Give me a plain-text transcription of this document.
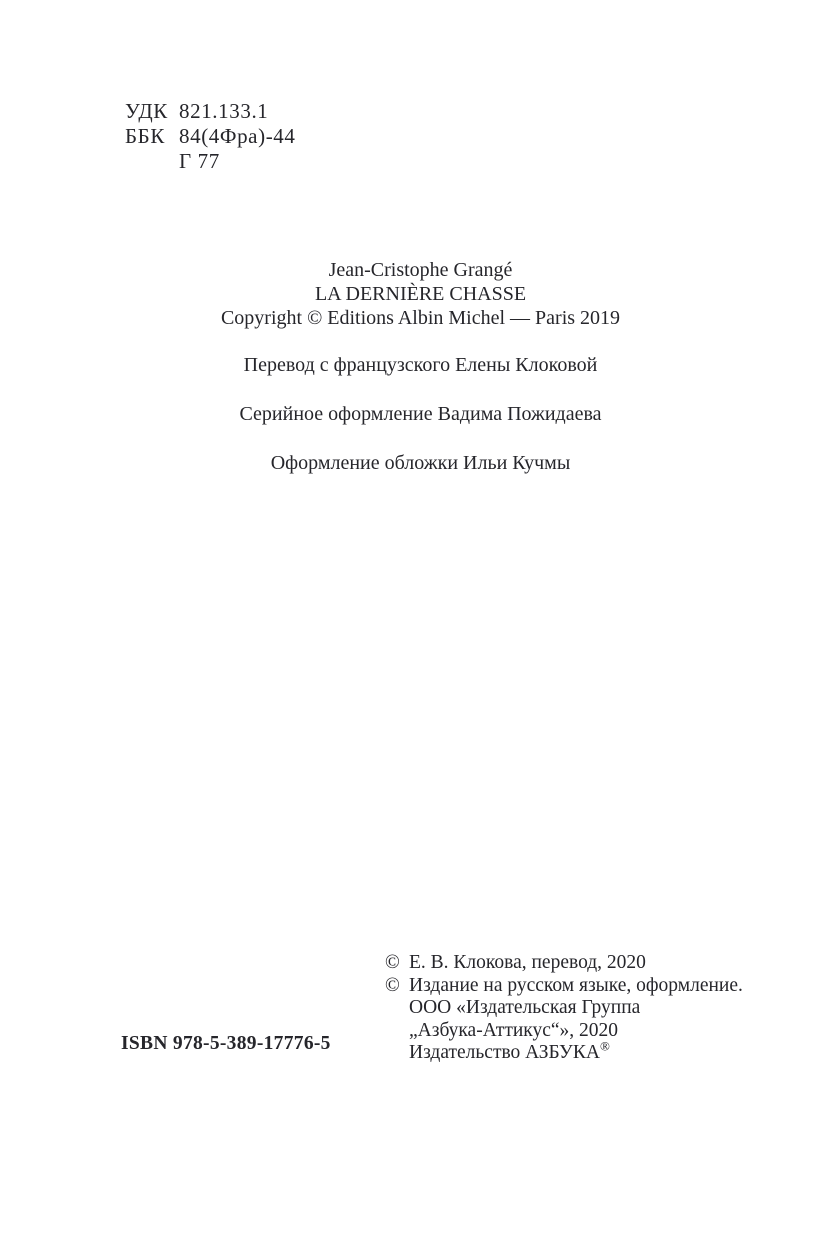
УДК 821.133.1
ББК 84(4Фра)-44
Г 77
Jean-Cristophe Grangé
LA DERNIÈRE CHASSE
Copyright © Editions Albin Michel — Paris 2019
Перевод с французского Елены Клоковой
Серийное оформление Вадима Пожидаева
Оформление обложки Ильи Кучмы
© Е. В. Клокова, перевод, 2020
© Издание на русском языке, оформление.
ООО «Издательская Группа
„Азбука-Аттикус“», 2020
Издательство АЗБУКА®
ISBN 978-5-389-17776-5
